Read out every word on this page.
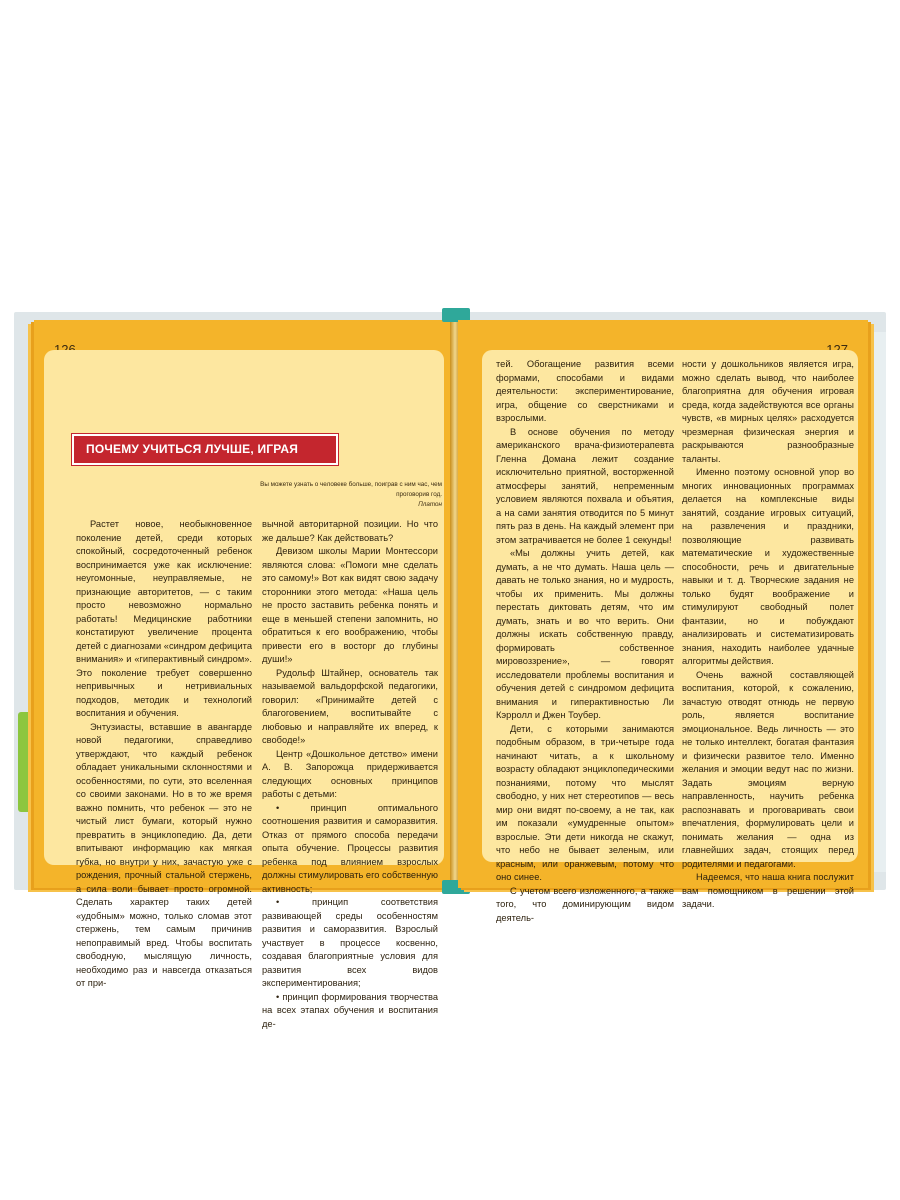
ПОЧЕМУ УЧИТЬСЯ ЛУЧШЕ, ИГРАЯ
Вы можете узнать о человеке больше, поиграв с ним час, чем проговорив год.
Платон

Растет новое, необыкновенное поколение детей, среди которых спокойный, сосредоточенный ребенок воспринимается уже как исключение: неугомонные, неуправляемые, не признающие авторитетов, — с таким просто невозможно нормально работать! Медицинские работники констатируют увеличение процента детей с диагнозами «синдром дефицита внимания» и «гиперактивный синдром». Это поколение требует совершенно непривычных и нетривиальных подходов, методик и технологий воспитания и обучения.

Энтузиасты, вставшие в авангарде новой педагогики, справедливо утверждают, что каждый ребенок обладает уникальными склонностями и особенностями, по сути, это вселенная со своими законами. Но в то же время важно помнить, что ребенок — это не чистый лист бумаги, который нужно превратить в энциклопедию. Да, дети впитывают информацию как мягкая губка, но внутри у них, зачастую уже с рождения, прочный стальной стержень, а сила воли бывает просто огромной. Сделать характер таких детей «удобным» можно, только сломав этот стержень, тем самым причинив непоправимый вред. Чтобы воспитать свободную, мыслящую личность, необходимо раз и навсегда отказаться от при-

вычной авторитарной позиции. Но что же дальше? Как действовать?

Девизом школы Марии Монтессори являются слова: «Помоги мне сделать это самому!» Вот как видят свою задачу сторонники этого метода: «Наша цель не просто заставить ребенка понять и еще в меньшей степени запомнить, но обратиться к его воображению, чтобы привести его в восторг до глубины души!»

Рудольф Штайнер, основатель так называемой вальдорфской педагогики, говорил: «Принимайте детей с благоговением, воспитывайте с любовью и направляйте их вперед, к свободе!»

Центр «Дошкольное детство» имени А. В. Запорожца придерживается следующих основных принципов работы с детьми:

• принцип оптимального соотношения развития и саморазвития. Отказ от прямого способа передачи опыта обучение. Процессы развития ребенка под влиянием взрослых должны стимулировать его собственную активность;

• принцип соответствия развивающей среды особенностям развития и саморазвития. Взрослый участвует в процессе косвенно, создавая благоприятные условия для развития всех видов экспериментирования;

• принцип формирования творчества на всех этапах обучения и воспитания де-

тей. Обогащение развития всеми формами, способами и видами деятельности: экспериментирование, игра, общение со сверстниками и взрослыми.

В основе обучения по методу американского врача-физиотерапевта Гленна Домана лежит создание исключительно приятной, восторженной атмосферы занятий, непременным условием являются похвала и объятия, а на сами занятия отводится по 5 минут пять раз в день. На каждый элемент при этом затрачивается не более 1 секунды!

«Мы должны учить детей, как думать, а не что думать. Наша цель — давать не только знания, но и мудрость, чтобы их применить. Мы должны перестать диктовать детям, что им думать, знать и во что верить. Они должны искать собственную правду, формировать собственное мировоззрение», — говорят исследователи проблемы воспитания и обучения детей с синдромом дефицита внимания и гиперактивностью Ли Кэрролл и Джен Тоубер.

Дети, с которыми занимаются подобным образом, в три-четыре года начинают читать, а к школьному возрасту обладают энциклопедическими познаниями, потому что мыслят свободно, у них нет стереотипов — весь мир они видят по-своему, а не так, как им показали «умудренные опытом» взрослые. Эти дети никогда не скажут, что небо не бывает зеленым, или красным, или оранжевым, потому что оно синее.

С учетом всего изложенного, а также того, что доминирующим видом деятель-

ности у дошкольников является игра, можно сделать вывод, что наиболее благоприятна для обучения игровая среда, когда задействуются все органы чувств, «в мирных целях» расходуется чрезмерная физическая энергия и раскрываются разнообразные таланты.

Именно поэтому основной упор во многих инновационных программах делается на комплексные виды занятий, создание игровых ситуаций, на развлечения и праздники, позволяющие развивать математические и художественные способности, речь и двигательные навыки и т. д. Творческие задания не только будят воображение и стимулируют свободный полет фантазии, но и побуждают анализировать и систематизировать знания, находить наиболее удачные алгоритмы действия.

Очень важной составляющей воспитания, которой, к сожалению, зачастую отводят отнюдь не первую роль, является воспитание эмоциональное. Ведь личность — это не только интеллект, богатая фантазия и физически развитое тело. Именно желания и эмоции ведут нас по жизни. Задать эмоциям верную направленность, научить ребенка распознавать и проговаривать свои впечатления, формулировать цели и понимать желания — одна из главнейших задач, стоящих перед родителями и педагогами.

Надеемся, что наша книга послужит вам помощником в решении этой задачи.
